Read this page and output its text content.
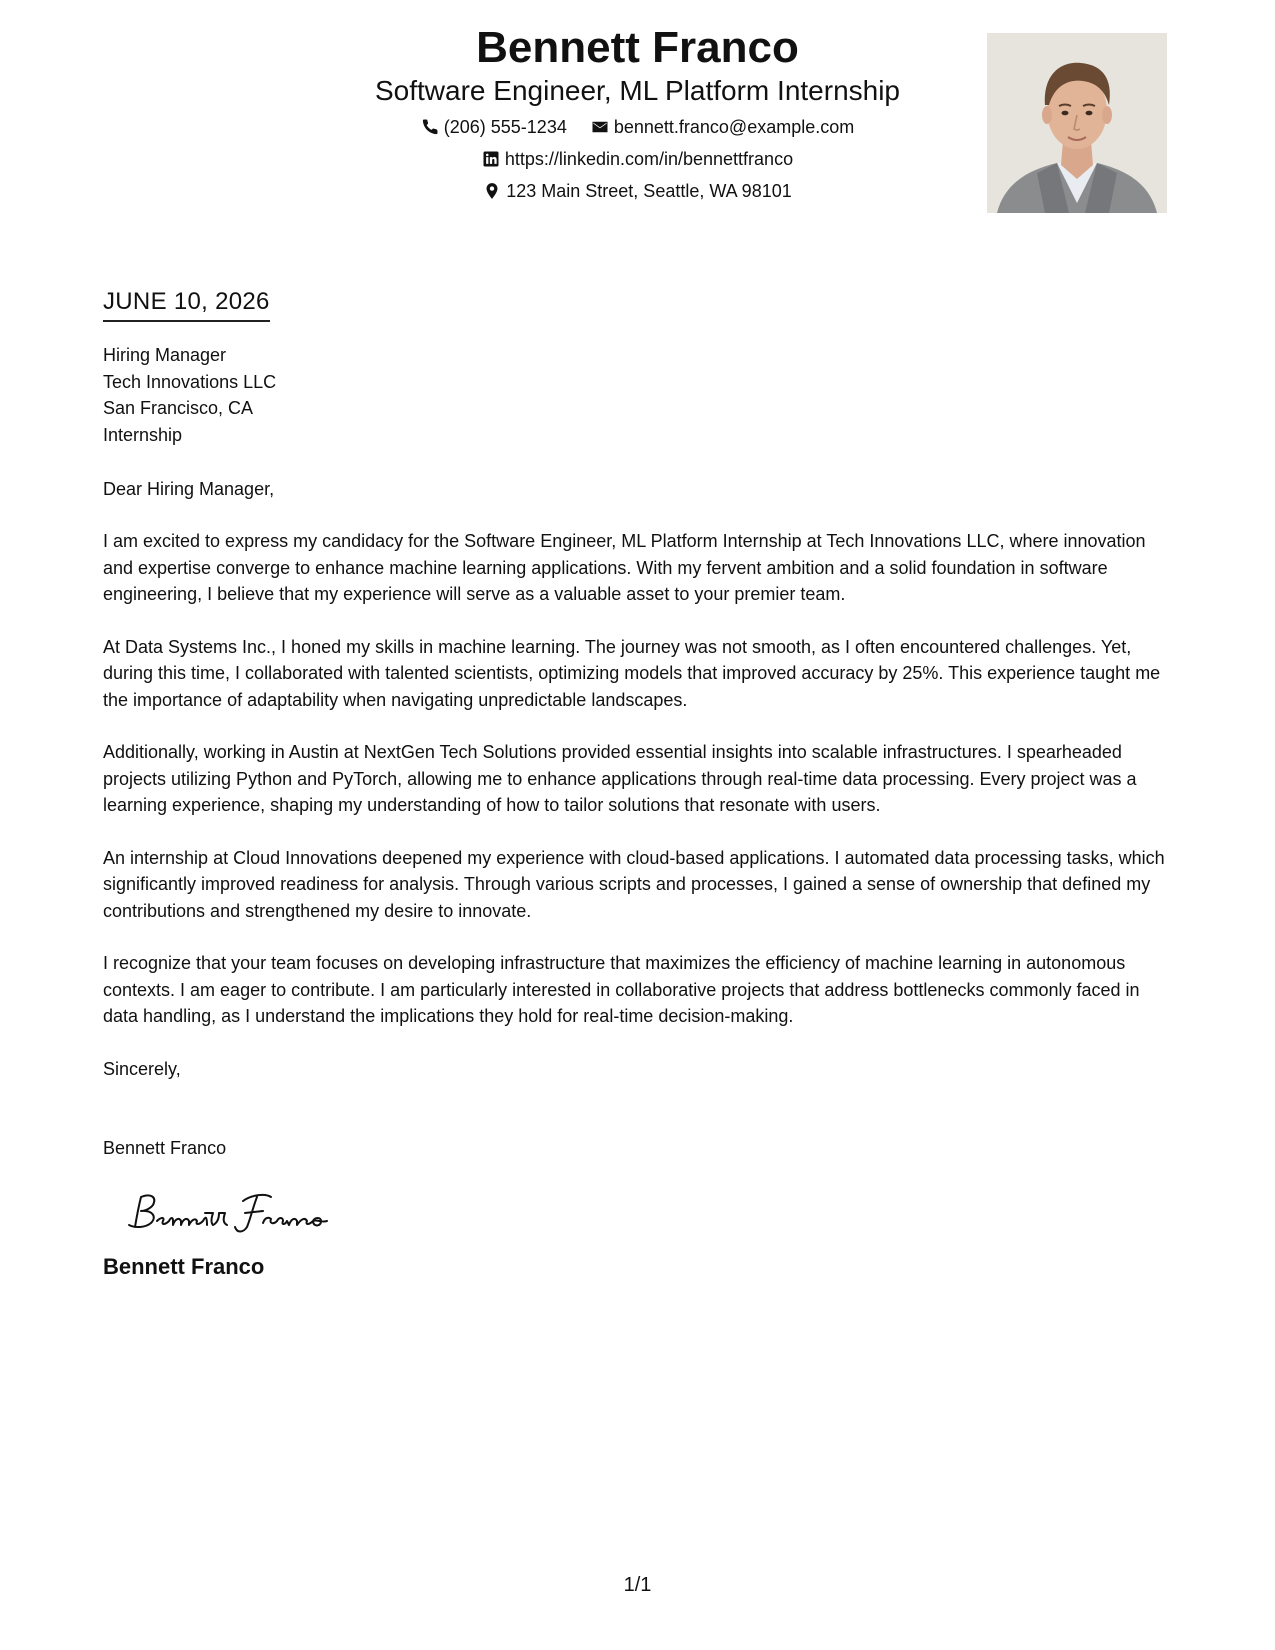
Bennett Franco
Software Engineer, ML Platform Internship
(206) 555-1234	bennett.franco@example.com
https://linkedin.com/in/bennettfranco
123 Main Street, Seattle, WA 98101
JUNE 10, 2026
Hiring Manager
Tech Innovations LLC
San Francisco, CA
Internship
Dear Hiring Manager,
I am excited to express my candidacy for the Software Engineer, ML Platform Internship at Tech Innovations LLC, where innovation and expertise converge to enhance machine learning applications. With my fervent ambition and a solid foundation in software engineering, I believe that my experience will serve as a valuable asset to your premier team.
At Data Systems Inc., I honed my skills in machine learning. The journey was not smooth, as I often encountered challenges. Yet, during this time, I collaborated with talented scientists, optimizing models that improved accuracy by 25%. This experience taught me the importance of adaptability when navigating unpredictable landscapes.
Additionally, working in Austin at NextGen Tech Solutions provided essential insights into scalable infrastructures. I spearheaded projects utilizing Python and PyTorch, allowing me to enhance applications through real-time data processing. Every project was a learning experience, shaping my understanding of how to tailor solutions that resonate with users.
An internship at Cloud Innovations deepened my experience with cloud-based applications. I automated data processing tasks, which significantly improved readiness for analysis. Through various scripts and processes, I gained a sense of ownership that defined my contributions and strengthened my desire to innovate.
I recognize that your team focuses on developing infrastructure that maximizes the efficiency of machine learning in autonomous contexts. I am eager to contribute. I am particularly interested in collaborative projects that address bottlenecks commonly faced in data handling, as I understand the implications they hold for real-time decision-making.
Sincerely,
Bennett Franco
Bennett Franco
1/1
